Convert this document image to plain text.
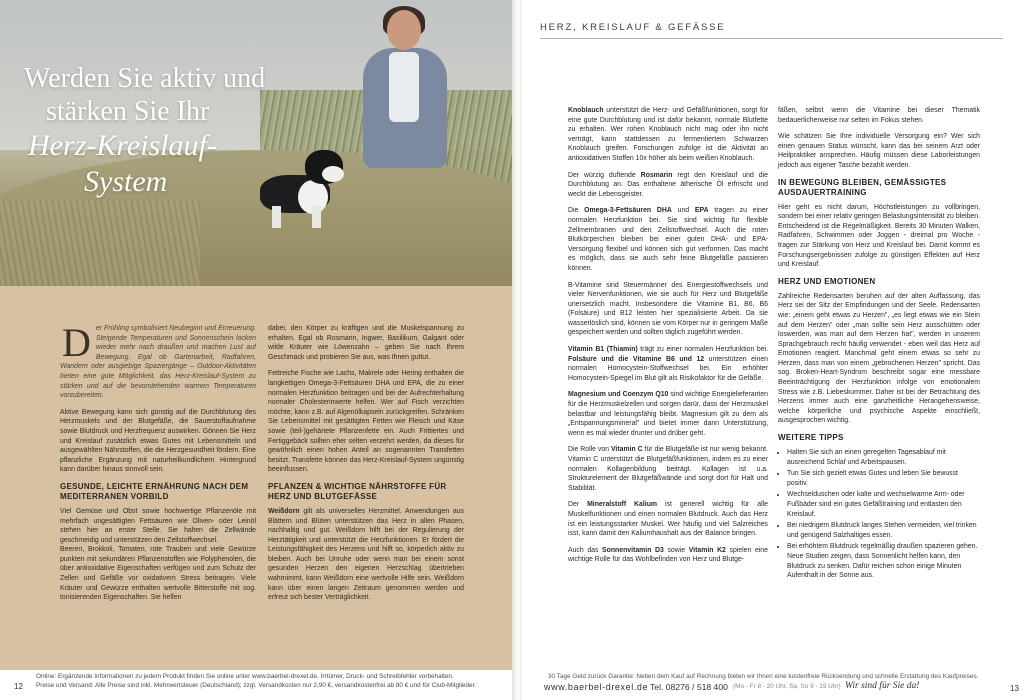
Werden Sie aktiv und
stärken Sie Ihr
Herz-Kreislauf-
System

Der Frühling symbolisiert Neubeginn und Erneuerung. Steigende Temperaturen und Sonnenschein locken wieder mehr nach draußen und machen Lust auf Bewegung. Egal ob Gartenarbeit, Radfahren, Wandern oder ausgiebige Spaziergänge – Outdoor-Aktivitäten bieten eine gute Möglichkeit, das Herz-Kreislauf-System zu stärken und auf die bevorstehenden warmen Temperaturen vorzubereiten.

Aktive Bewegung kann sich günstig auf die Durchblutung des Herzmuskels und der Blutgefäße, die Sauerstoffaufnahme sowie Blutdruck und Herzfrequenz auswirken. Gönnen Sie Herz und Kreislauf zusätzlich etwas Gutes mit Lebensmitteln und ausgewählten Nährstoffen, die die Herzgesundheit fördern. Eine pflanzliche Ergänzung mit naturheilkundlichem Hintergrund kann darüber hinaus sinnvoll sein.

GESUNDE, LEICHTE ERNÄHRUNG NACH DEM MEDITERRANEN VORBILD

Viel Gemüse und Obst sowie hochwertige Pflanzenöle mit mehrfach ungesättigten Fettsäuren wie Oliven- oder Leinöl stehen hier an erster Stelle. Sie halten die Zellwände geschmeidig und unterstützen den Zellstoffwechsel.

Beeren, Brokkoli, Tomaten, rote Trauben und viele Gewürze punkten mit sekundären Pflanzenstoffen wie Polyphenolen, die über antioxidative Eigenschaften verfügen und zum Schutz der Zellen und Gefäße vor oxidativem Stress beitragen. Viele Kräuter und Gewürze enthalten wertvolle Bitterstoffe mit sog. tonisierenden Eigenschaften. Sie helfen

dabei, den Körper zu kräftigen und die Muskelspannung zu erhalten. Egal ob Rosmarin, Ingwer, Basilikum, Galgant oder wilde Kräuter wie Löwenzahn – geben Sie nach Ihrem Geschmack und probieren Sie aus, was Ihnen guttut.

Fettreiche Fische wie Lachs, Makrele oder Hering enthalten die langkettigen Omega-3-Fettsäuren DHA und EPA, die zu einer normalen Herzfunktion beitragen und bei der Aufrechterhaltung normaler Cholesterinwerte helfen. Wer auf Fisch verzichten möchte, kann z.B. auf Algenölkapseln zurückgreifen. Schränken Sie Lebensmittel mit gesättigten Fetten wie Fleisch und Käse sowie (teil-)gehärtete Pflanzenfette ein. Auch Frittiertes und Fertiggebäck sollten eher selten verzehrt werden, da dieses für gewöhnlich einen hohen Anteil an sogenannten Transfetten besitzt. Transfette können das Herz-Kreislauf-System ungünstig beeinflussen.

PFLANZEN & WICHTIGE NÄHRSTOFFE FÜR HERZ UND BLUTGEFÄSSE

Weißdorn gilt als universelles Herzmittel. Anwendungen aus Blättern und Blüten unterstützen das Herz in allen Phasen, nachhaltig und gut. Weißdorn hilft bei der Regulierung der Herztätigkeit und unterstützt die Herzfunktionen. Er fördert die Leistungsfähigkeit des Herzens und hilft so, körperlich aktiv zu bleiben. Auch bei Unruhe oder wenn man bei einem sonst gesunden Herzen den eigenen Herzschlag übertrieben wahrnimmt, kann Weißdorn eine wertvolle Hilfe sein. Weißdorn kann über einen langen Zeitraum genommen werden und erfreut sich bester Verträglichkeit.

12
Online: Ergänzende Informationen zu jedem Produkt finden Sie online unter www.baerbel-drexel.de. Irrtümer, Druck- und Schreibfehler vorbehalten.
Preise und Versand: Alle Preise sind inkl. Mehrwertsteuer (Deutschland); zzgl. Versandkosten nur 2,90 €, versandkostenfrei ab 80 € und für Club-Mitglieder.
HERZ, KREISLAUF & GEFÄSSE

Knoblauch unterstützt die Herz- und Gefäßfunktionen, sorgt für eine gute Durchblutung und ist dafür bekannt, normale Blutfette zu erhalten. Wer rohen Knoblauch nicht mag oder ihn nicht verträgt, kann stattdessen zu fermentiertem Schwarzen Knoblauch greifen. Forschungen zufolge ist die Aktivität an antioxidativen Stoffen 10x höher als beim weißen Knoblauch.

Der würzig duftende Rosmarin regt den Kreislauf und die Durchblutung an. Das enthaltene ätherische Öl erfrischt und weckt die Lebensgeister.

Die Omega-3-Fettsäuren DHA und EPA tragen zu einer normalen Herzfunktion bei. Sie sind wichtig für flexible Zellmembranen und den Zellstoffwechsel. Auch die roten Blutkörperchen bleiben bei einer guten DHA- und EPA-Versorgung flexibel und können sich gut verformen. Das macht es möglich, dass sie auch sehr feine Blutgefäße passieren können.

B-Vitamine sind Steuermänner des Energiestoffwechsels und vieler Nervenfunktionen, wie sie auch für Herz und Blutgefäße unersetzlich macht. Insbesondere die Vitamine B1, B6, B6 (Folsäure) und B12 leisten hier spezialisierte Arbeit. Da sie wasserlöslich sind, können sie vom Körper nur in geringem Maße gespeichert werden und sollten täglich zugeführt werden.

Vitamin B1 (Thiamin) trägt zu einer normalen Herzfunktion bei. Folsäure und die Vitamine B6 und 12 unterstützen einen normalen Homocystein-Stoffwechsel bei. Ein erhöhter Homocystein-Spiegel im Blut gilt als Risikofaktor für die Gefäße.

Magnesium und Coenzym Q10 sind wichtige Energielieferanten für die Herzmuskelzellen und sorgen darür, dass der Herzmuskel belastbar und leistungsfähig bleibt. Magnesium gilt zu dem als „Entspannungsmineral" und bietet immer dann Unterstützung, wenn es mal wieder drunter und drüber geht.

Die Rolle von Vitamin C für die Blutgefäße ist nur wenig bekannt. Vitamin C unterstützt die Blutgefäßfunktionen, indem es zu einer normalen Kollagenbildung beiträgt. Kollagen ist u.a. Strukturelement der Blutgefäßwände und sorgt dort für Halt und Stabilität.

Der Mineralstoff Kalium ist generell wichtig für alle Muskelfunktionen und einen normalen Blutdruck. Auch das Herz ist ein leistungsstarker Muskel. Wer häufig und viel Salzreiches isst, kann damit den Kaliumhaushalt aus der Balance bringen.

Auch das Sonnenvitamin D3 sowie Vitamin K2 spielen eine wichtige Rolle für das Wohlbefinden von Herz und Blutge-

fäßen, selbst wenn die Vitamine bei dieser Thematik bedauerlicherweise nur selten im Fokus stehen.

Wie schätzen Sie Ihre individuelle Versorgung ein? Wer sich einen genauen Status wünscht, kann das bei seinem Arzt oder Heilpraktiker ansprechen. Häufig müssen diese Laborleistungen jedoch aus eigener Tasche bezahlt werden.

IN BEWEGUNG BLEIBEN, GEMÄSSIGTES AUSDAUERTRAINING

Hier geht es nicht darum, Höchstleistungen zu vollbringen, sondern bei einer relativ geringen Belastungsintensität zu bleiben. Entscheidend ist die Regelmäßigkeit. Bereits 30 Minuten Walken, Radfahren, Schwimmen oder Joggen - dreimal pro Woche - tragen zur Stärkung von Herz und Kreislauf bei. Damit kommt es Forschungsergebnissen zufolge zu günstigen Effekten auf Herz und Kreislauf.

HERZ UND EMOTIONEN

Zahlreiche Redensarten beruhen auf der alten Auffassung, das Herz sei der Sitz der Empfindungen und der Seele. Redensarten wie: „einem geht etwas zu Herzen", „es liegt etwas wie ein Stein auf dem Herzen" oder „man sollte sein Herz ausschütten oder loswerden, was man auf dem Herzen hat", werden in unserem Sprachgebrauch recht häufig verwendet - eben weil das Herz auf Emotionen reagiert. Manchmal geht einem etwas so sehr zu Herzen, dass man von einem „gebrochenen Herzen" spricht. Das sog. Broken-Heart-Syndrom beschreibt sogar eine messbare Beeinträchtigung der Herzfunktion infolge von emotionalem Stress wie z.B. Liebeskummer. Daher ist bei der Betrachtung des Herzens immer auch eine ganzheitliche Herangehensweise, welche körperliche und psychische Aspekte einschließt, ausgesprochen wichtig.

WEITERE TIPPS
• Halten Sie sich an einen geregelten Tagesablauf mit ausreichend Schlaf und Arbeitspausen.
• Tun Sie sich gezielt etwas Gutes und leben Sie bewusst positiv.
• Wechselduschen oder kalte und wechselwarme Arm- oder Fußbäder sind ein gutes Gefäßtraining und entlasten den Kreislauf.
• Bei niedrigem Blutdruck langes Stehen vermeiden, viel trinken und genügend Salzhaltiges essen.
• Bei erhöhtem Blutdruck regelmäßig draußen spazieren gehen. Neue Studien zeigen, dass Sonnenlicht helfen kann, den Blutdruck zu senken. Dafür reichen schon einige Minuten Aufenthalt in der Sonne aus.
30 Tage Geld zurück Garantie: Neben dem Kauf auf Rechnung bieten wir Ihnen eine kostenfreie Rücksendung und schnelle Erstattung des Kaufpreises.
www.baerbel-drexel.de Tel. 08276 / 518 400 (Mo - Fr 8 - 20 Uhr, Sa, So 9 - 19 Uhr) Wir sind für Sie da!	13
